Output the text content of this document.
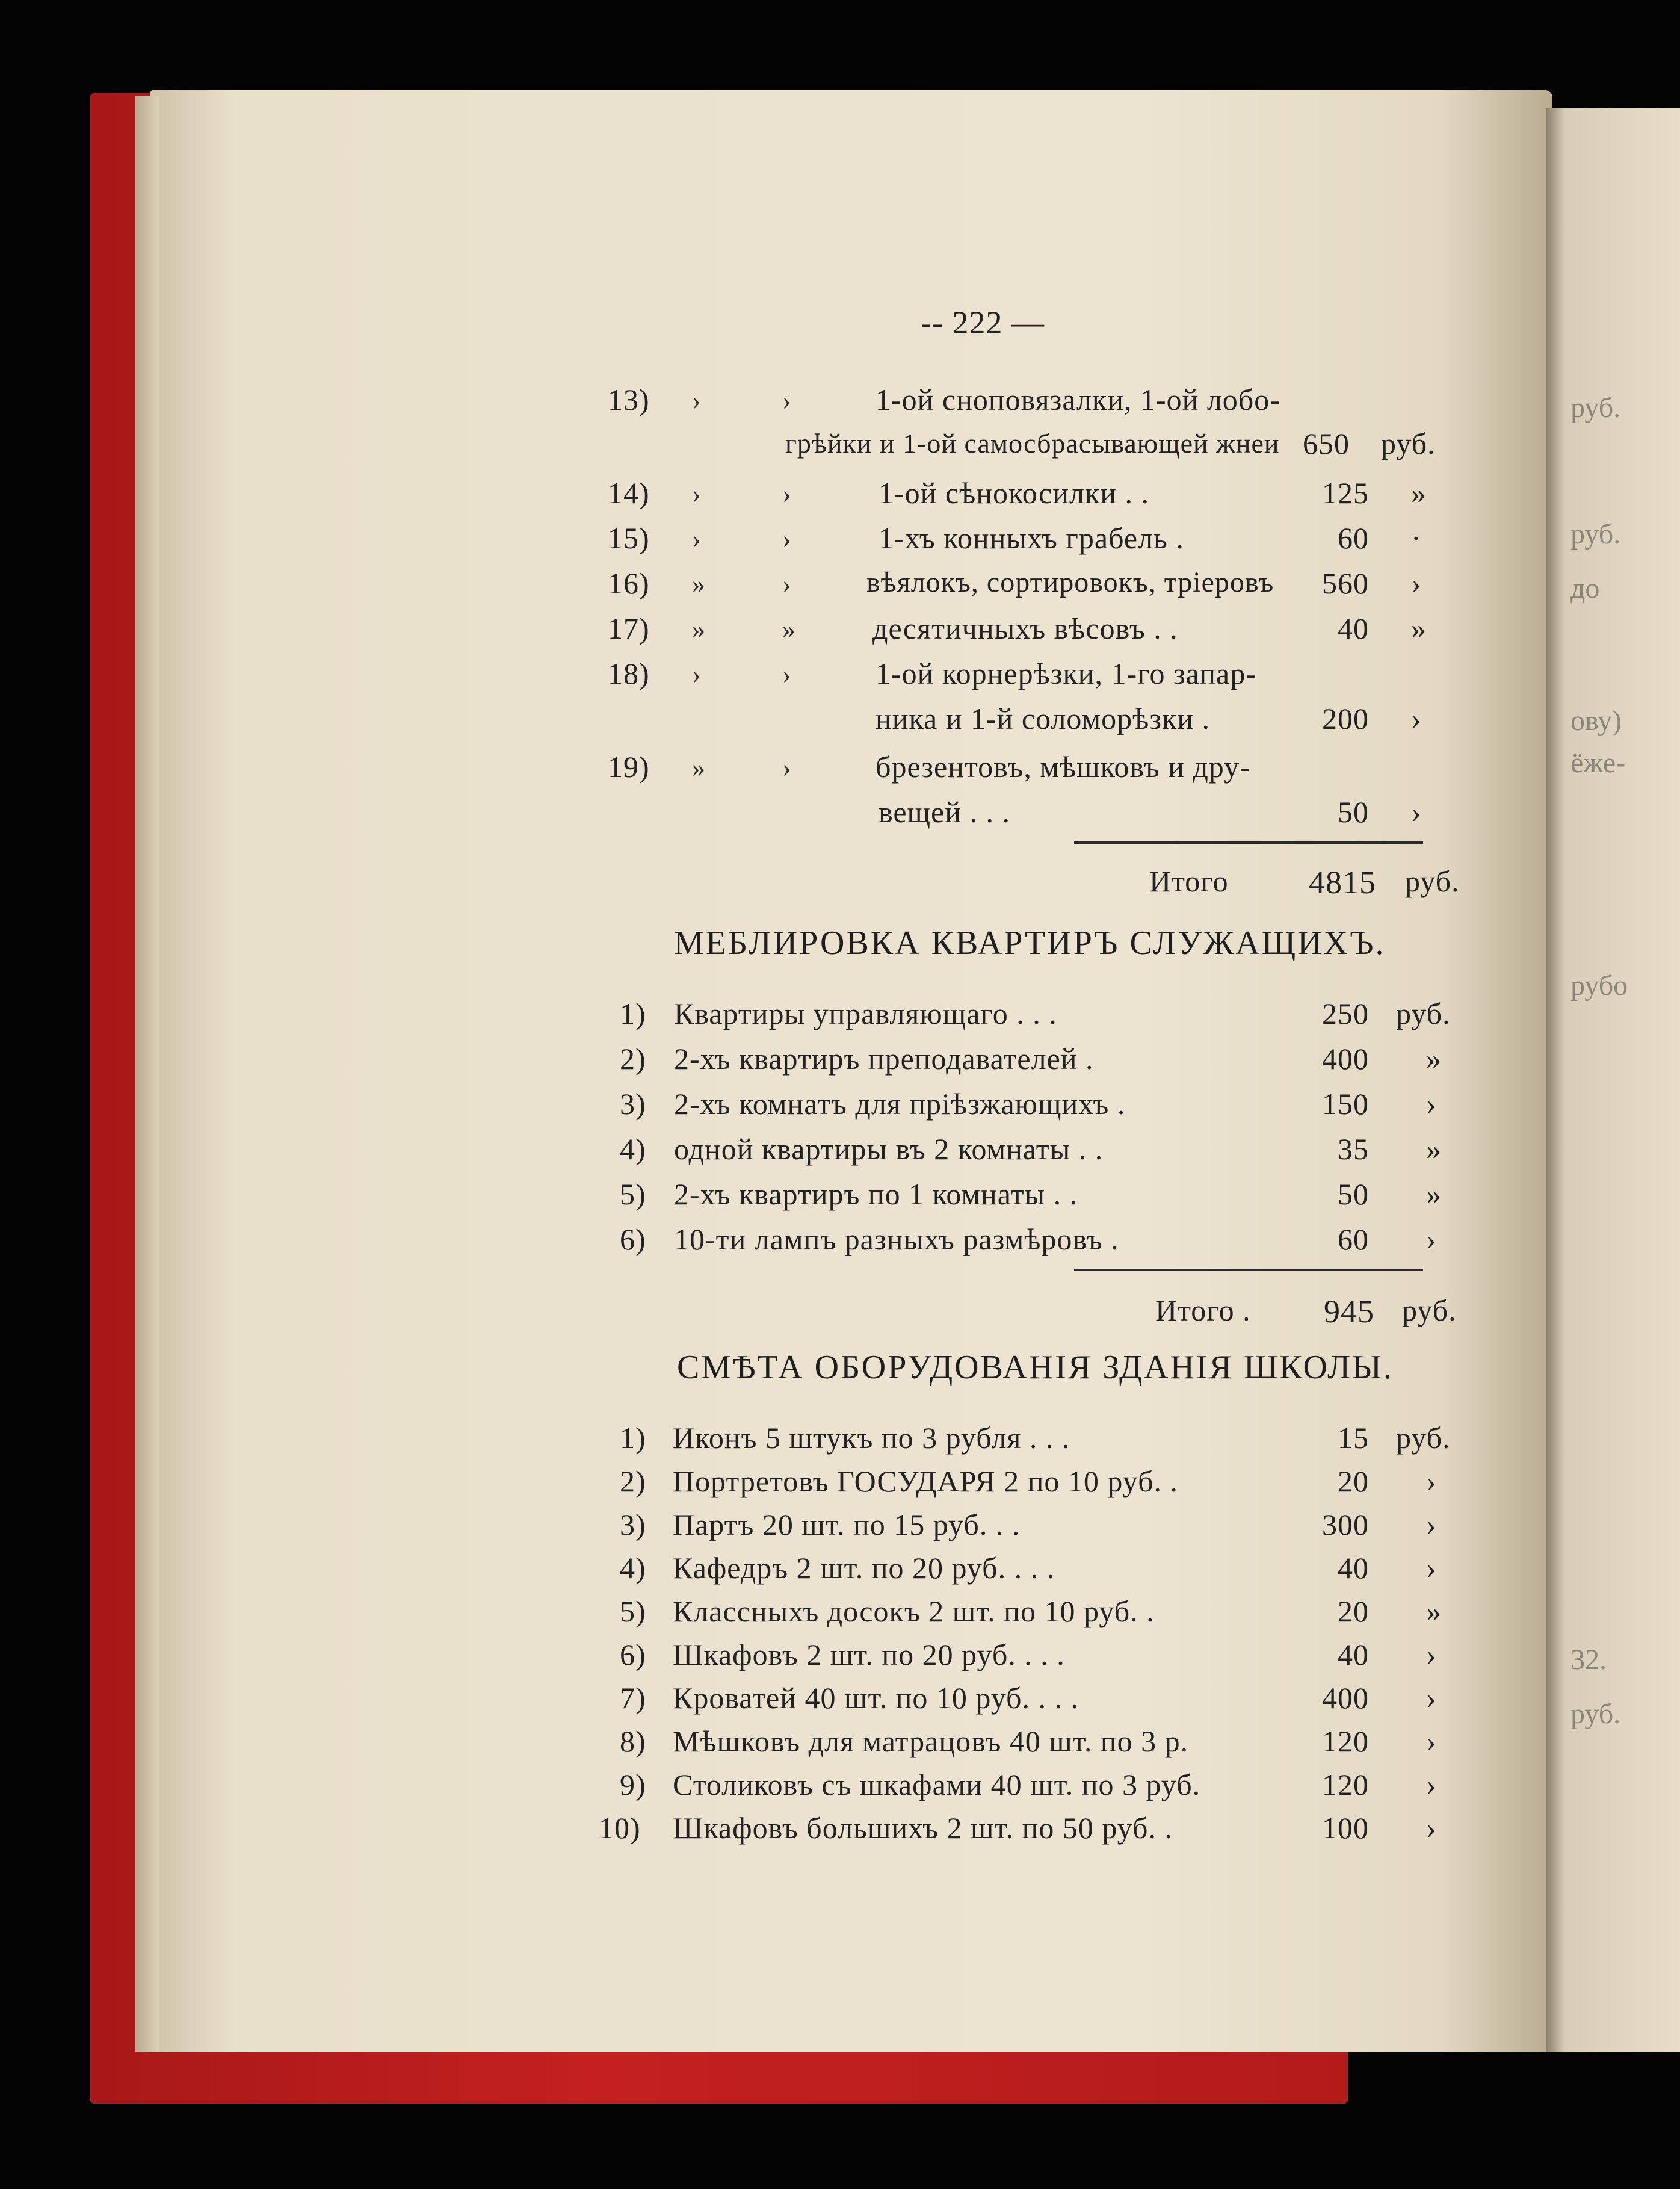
руб.
руб.
до
ову)
ёже-
рубо
32.
руб.
-- 222 —
13) ›	›	1-ой сноповязалки, 1-ой лобо-
грѣйки и 1-ой самосбрасывающей жнеи 650 руб.
14) ›	›	1-ой сѣнокосилки . .	125 »
15) ›	›	1-хъ конныхъ грабель .	60 ·
16) »	›	вѣялокъ, сортировокъ, тріеровъ	560 ›
17) »	»	десятичныхъ вѣсовъ . .	40 »
18) ›	›	1-ой корнерѣзки, 1-го запар-
ника и 1-й соломорѣзки .	200 ›
19) »	›	брезентовъ, мѣшковъ и дру-
вещей . . .	50 ›
Итого 4815 руб.
МЕБЛИРОВКА КВАРТИРЪ СЛУЖАЩИХЪ.
1) Квартиры управляющаго . . .	250 руб.
2) 2-хъ квартиръ преподавателей .	400 »
3) 2-хъ комнатъ для пріѣзжающихъ .	150 ›
4) одной квартиры въ 2 комнаты . .	35 »
5) 2-хъ квартиръ по 1 комнаты . .	50 »
6) 10-ти лампъ разныхъ размѣровъ .	60 ›
Итого . 945 руб.
СМѢТА ОБОРУДОВАНІЯ ЗДАНІЯ ШКОЛЫ.
1) Иконъ 5 штукъ по 3 рубля . . .	15 руб.
2) Портретовъ ГОСУДАРЯ 2 по 10 руб. .	20 ›
3) Партъ 20 шт. по 15 руб. . .	300 ›
4) Кафедръ 2 шт. по 20 руб. . . .	40 ›
5) Классныхъ досокъ 2 шт. по 10 руб. .	20 »
6) Шкафовъ 2 шт. по 20 руб. . . .	40 ›
7) Кроватей 40 шт. по 10 руб. . . .	400 ›
8) Мѣшковъ для матрацовъ 40 шт. по 3 р.	120 ›
9) Столиковъ съ шкафами 40 шт. по 3 руб.	120 ›
10) Шкафовъ большихъ 2 шт. по 50 руб. .	100 ›
